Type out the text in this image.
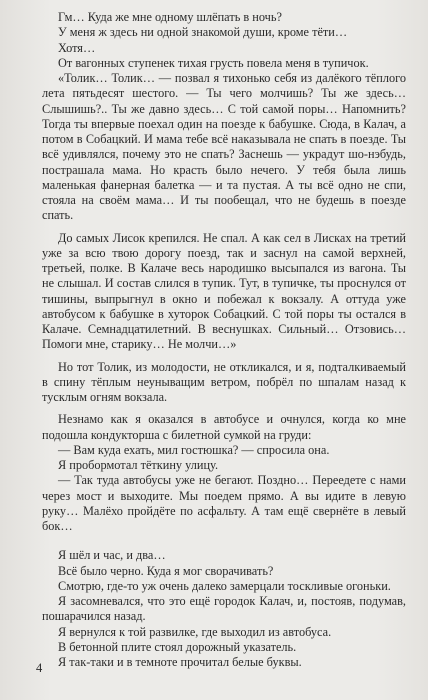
Гм… Куда же мне одному шлёпать в ночь?

У меня ж здесь ни одной знакомой души, кроме тёти…

Хотя…

От вагонных ступенек тихая грусть повела меня в тупичок.

«Толик… Толик… — позвал я тихонько себя из далёкого тёплого лета пятьдесят шестого. — Ты чего молчишь? Ты же здесь… Слышишь?.. Ты же давно здесь… С той самой поры… Напомнить? Тогда ты впервые поехал один на поезде к бабушке. Сюда, в Калач, а потом в Собацкий. И мама тебе всё наказывала не спать в поезде. Ты всё удивлялся, почему это не спать? Заснешь — украдут шо-нэбудь, пострашала мама. Но красть было нечего. У тебя была лишь маленькая фанерная балетка — и та пустая. А ты всё одно не спи, стояла на своём мама… И ты пообещал, что не будешь в поезде спать.

До самых Лисок крепился. Не спал. А как сел в Лисках на третий уже за всю твою дорогу поезд, так и заснул на самой верхней, третьей, полке. В Калаче весь народишко высыпался из вагона. Ты не слышал. И состав слился в тупик. Тут, в тупичке, ты проснулся от тишины, выпрыгнул в окно и побежал к вокзалу. А оттуда уже автобусом к бабушке в хуторок Собацкий. С той поры ты остался в Калаче. Семнадцатилетний. В веснушках. Сильный… Отзовись… Помоги мне, старику… Не молчи…»

Но тот Толик, из молодости, не откликался, и я, подталкиваемый в спину тёплым неуныващим ветром, побрёл по шпалам назад к тусклым огням вокзала.

Незнамо как я оказался в автобусе и очнулся, когда ко мне подошла кондукторша с билетной сумкой на груди:

— Вам куда ехать, мил гостюшка? — спросила она.

Я пробормотал тёткину улицу.

— Так туда автобусы уже не бегают. Поздно… Переедете с нами через мост и выходите. Мы поедем прямо. А вы идите в левую руку… Малёхо пройдёте по асфальту. А там ещё свернёте в левый бок…

Я шёл и час, и два…

Всё было черно. Куда я мог сворачивать?

Смотрю, где-то уж очень далеко замерцали тоскливые огоньки.

Я засомневался, что это ещё городок Калач, и, постояв, подумав, пошарачился назад.

Я вернулся к той развилке, где выходил из автобуса.

В бетонной плите стоял дорожный указатель.

Я так-таки и в темноте прочитал белые буквы.

4
